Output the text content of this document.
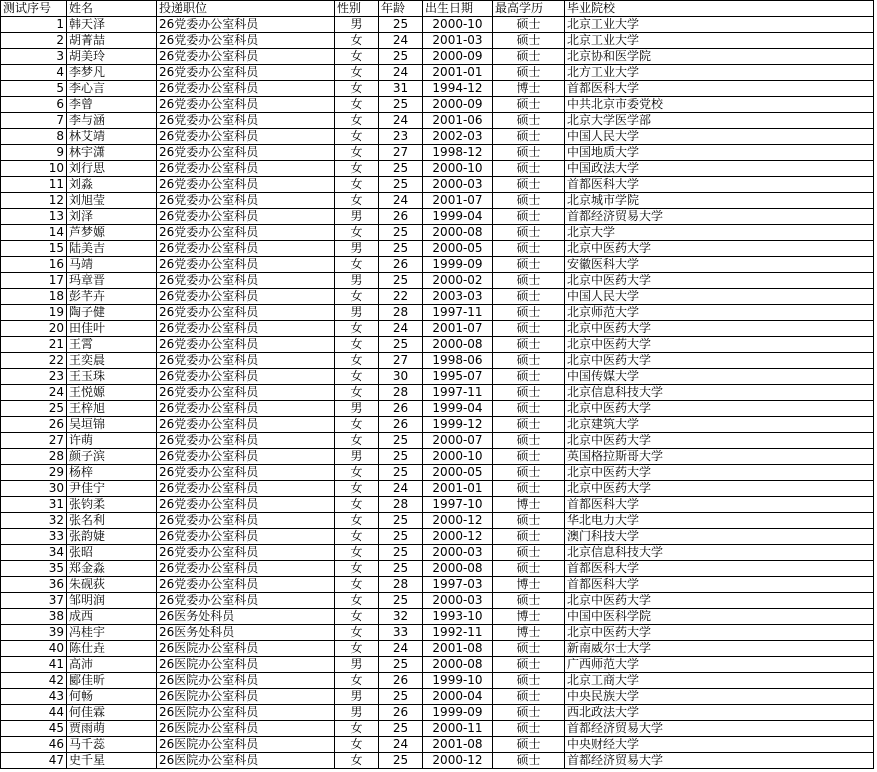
测试序号	姓名	投递职位	性别	年龄	出生日期	最高学历	毕业院校
1	韩天泽	26党委办公室科员	男	25	2000-10	硕士	北京工业大学
2	胡菁喆	26党委办公室科员	女	24	2001-03	硕士	北京工业大学
3	胡美玲	26党委办公室科员	女	25	2000-09	硕士	北京协和医学院
4	李梦凡	26党委办公室科员	女	24	2001-01	硕士	北方工业大学
5	李心言	26党委办公室科员	女	31	1994-12	博士	首都医科大学
6	李曾	26党委办公室科员	女	25	2000-09	硕士	中共北京市委党校
7	李与涵	26党委办公室科员	女	24	2001-06	硕士	北京大学医学部
8	林艾靖	26党委办公室科员	女	23	2002-03	硕士	中国人民大学
9	林宇潇	26党委办公室科员	女	27	1998-12	硕士	中国地质大学
10	刘行思	26党委办公室科员	女	25	2000-10	硕士	中国政法大学
11	刘淼	26党委办公室科员	女	25	2000-03	硕士	首都医科大学
12	刘旭莹	26党委办公室科员	女	24	2001-07	硕士	北京城市学院
13	刘泽	26党委办公室科员	男	26	1999-04	硕士	首都经济贸易大学
14	芦梦嫄	26党委办公室科员	女	25	2000-08	硕士	北京大学
15	陆美吉	26党委办公室科员	男	25	2000-05	硕士	北京中医药大学
16	马靖	26党委办公室科员	女	26	1999-09	硕士	安徽医科大学
17	玛章晋	26党委办公室科员	男	25	2000-02	硕士	北京中医药大学
18	彭芊卉	26党委办公室科员	女	22	2003-03	硕士	中国人民大学
19	陶子健	26党委办公室科员	男	28	1997-11	硕士	北京师范大学
20	田佳叶	26党委办公室科员	女	24	2001-07	硕士	北京中医药大学
21	王霄	26党委办公室科员	女	25	2000-08	硕士	北京中医药大学
22	王奕晨	26党委办公室科员	女	27	1998-06	硕士	北京中医药大学
23	王玉珠	26党委办公室科员	女	30	1995-07	硕士	中国传媒大学
24	王悦嫄	26党委办公室科员	女	28	1997-11	硕士	北京信息科技大学
25	王梓旭	26党委办公室科员	男	26	1999-04	硕士	北京中医药大学
26	吴垣锦	26党委办公室科员	女	26	1999-12	硕士	北京建筑大学
27	许萌	26党委办公室科员	女	25	2000-07	硕士	北京中医药大学
28	颜子滨	26党委办公室科员	男	25	2000-10	硕士	英国格拉斯哥大学
29	杨梓	26党委办公室科员	女	25	2000-05	硕士	北京中医药大学
30	尹佳宁	26党委办公室科员	女	24	2001-01	硕士	北京中医药大学
31	张钧柔	26党委办公室科员	女	28	1997-10	博士	首都医科大学
32	张名利	26党委办公室科员	女	25	2000-12	硕士	华北电力大学
33	张韵婕	26党委办公室科员	女	25	2000-12	硕士	澳门科技大学
34	张昭	26党委办公室科员	女	25	2000-03	硕士	北京信息科技大学
35	郑金淼	26党委办公室科员	女	25	2000-08	硕士	首都医科大学
36	朱砚荻	26党委办公室科员	女	28	1997-03	博士	首都医科大学
37	邹明润	26党委办公室科员	女	25	2000-03	硕士	北京中医药大学
38	成西	26医务处科员	女	32	1993-10	博士	中国中医科学院
39	冯桂宇	26医务处科员	女	33	1992-11	博士	北京中医药大学
40	陈仕垚	26医院办公室科员	女	24	2001-08	硕士	新南威尔士大学
41	高沛	26医院办公室科员	男	25	2000-08	硕士	广西师范大学
42	郾佳昕	26医院办公室科员	女	26	1999-10	硕士	北京工商大学
43	何畅	26医院办公室科员	男	25	2000-04	硕士	中央民族大学
44	何佳霖	26医院办公室科员	男	26	1999-09	硕士	西北政法大学
45	贾雨萌	26医院办公室科员	女	25	2000-11	硕士	首都经济贸易大学
46	马千蕊	26医院办公室科员	女	24	2001-08	硕士	中央财经大学
47	史千星	26医院办公室科员	女	25	2000-12	硕士	首都经济贸易大学
